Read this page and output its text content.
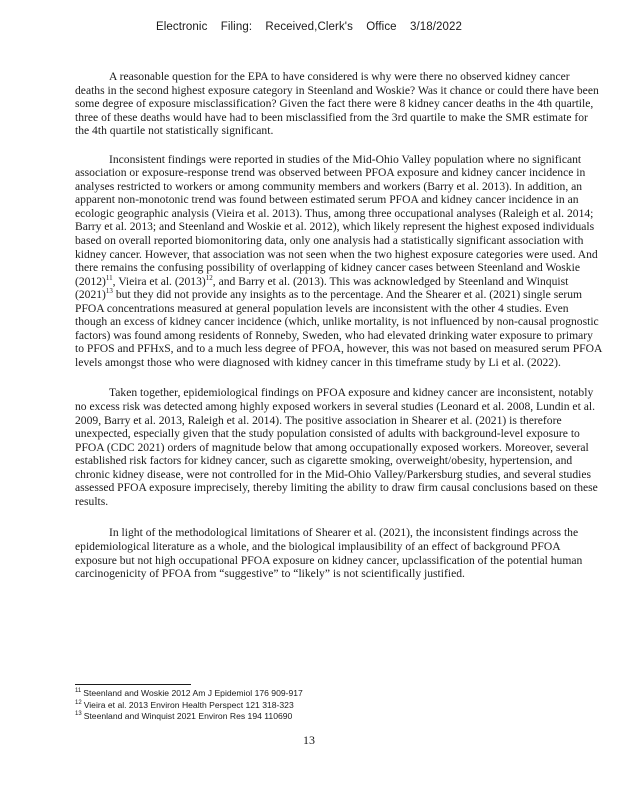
Electronic Filing: Received,Clerk's Office 3/18/2022

A reasonable question for the EPA to have considered is why were there no observed kidney cancer deaths in the second highest exposure category in Steenland and Woskie? Was it chance or could there have been some degree of exposure misclassification? Given the fact there were 8 kidney cancer deaths in the 4th quartile, three of these deaths would have had to been misclassified from the 3rd quartile to make the SMR estimate for the 4th quartile not statistically significant.

Inconsistent findings were reported in studies of the Mid-Ohio Valley population where no significant association or exposure-response trend was observed between PFOA exposure and kidney cancer incidence in analyses restricted to workers or among community members and workers (Barry et al. 2013). In addition, an apparent non-monotonic trend was found between estimated serum PFOA and kidney cancer incidence in an ecologic geographic analysis (Vieira et al. 2013). Thus, among three occupational analyses (Raleigh et al. 2014; Barry et al. 2013; and Steenland and Woskie et al. 2012), which likely represent the highest exposed individuals based on overall reported biomonitoring data, only one analysis had a statistically significant association with kidney cancer. However, that association was not seen when the two highest exposure categories were used. And there remains the confusing possibility of overlapping of kidney cancer cases between Steenland and Woskie $(2012)^{11}$, Vieira et al. $(2013)^{12}$, and Barry et al. (2013). This was acknowledged by Steenland and Winquist $(2021)^{13}$ but they did not provide any insights as to the percentage. And the Shearer et al. (2021) single serum PFOA concentrations measured at general population levels are inconsistent with the other 4 studies. Even though an excess of kidney cancer incidence (which, unlike mortality, is not influenced by non-causal prognostic factors) was found among residents of Ronneby, Sweden, who had elevated drinking water exposure to primary to PFOS and PFHxS, and to a much less degree of PFOA, however, this was not based on measured serum PFOA levels amongst those who were diagnosed with kidney cancer in this timeframe study by Li et al. (2022).

Taken together, epidemiological findings on PFOA exposure and kidney cancer are inconsistent, notably no excess risk was detected among highly exposed workers in several studies (Leonard et al. 2008, Lundin et al. 2009, Barry et al. 2013, Raleigh et al. 2014). The positive association in Shearer et al. (2021) is therefore unexpected, especially given that the study population consisted of adults with background-level exposure to PFOA (CDC 2021) orders of magnitude below that among occupationally exposed workers. Moreover, several established risk factors for kidney cancer, such as cigarette smoking, overweight/obesity, hypertension, and chronic kidney disease, were not controlled for in the Mid-Ohio Valley/Parkersburg studies, and several studies assessed PFOA exposure imprecisely, thereby limiting the ability to draw firm causal conclusions based on these results.

In light of the methodological limitations of Shearer et al. (2021), the inconsistent findings across the epidemiological literature as a whole, and the biological implausibility of an effect of background PFOA exposure but not high occupational PFOA exposure on kidney cancer, upclassification of the potential human carcinogenicity of PFOA from “suggestive” to “likely” is not scientifically justified.

$^{11}$ Steenland and Woskie 2012 Am J Epidemiol 176 909-917
$^{12}$ Vieira et al. 2013 Environ Health Perspect 121 318-323
$^{13}$ Steenland and Winquist 2021 Environ Res 194 110690
13
